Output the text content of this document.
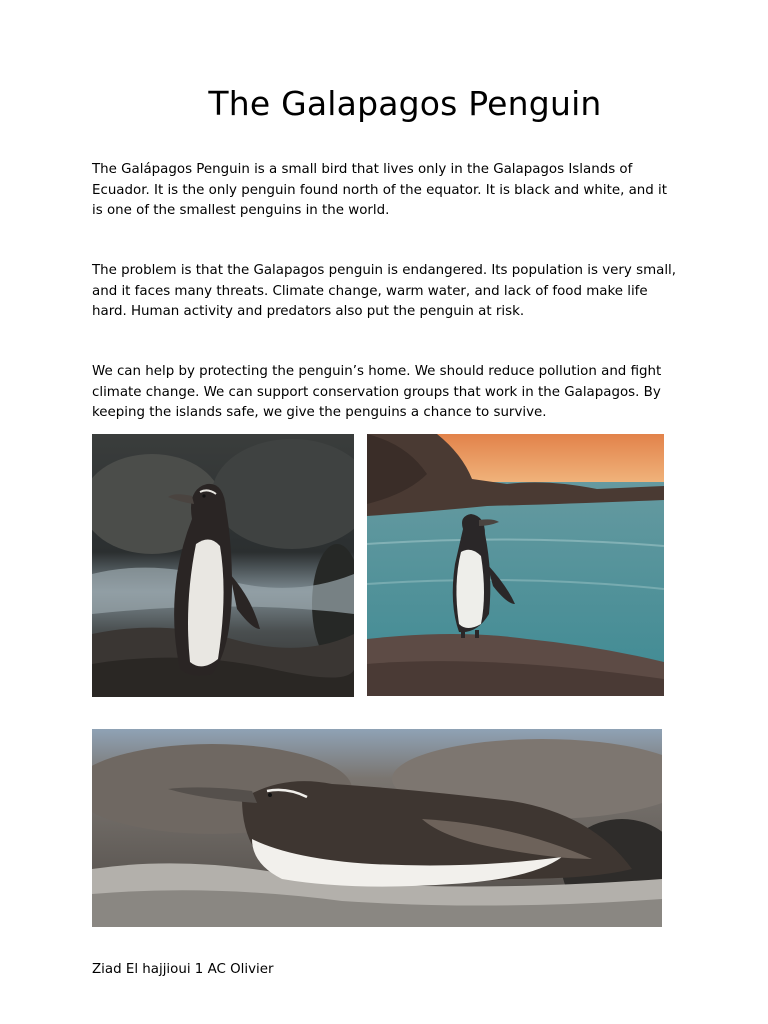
The Galapagos Penguin

The Galápagos Penguin is a small bird that lives only in the Galapagos Islands of Ecuador. It is the only penguin found north of the equator. It is black and white, and it is one of the smallest penguins in the world.

The problem is that the Galapagos penguin is endangered. Its population is very small, and it faces many threats. Climate change, warm water, and lack of food make life hard. Human activity and predators also put the penguin at risk.

We can help by protecting the penguin’s home. We should reduce pollution and fight climate change. We can support conservation groups that work in the Galapagos. By keeping the islands safe, we give the penguins a chance to survive.

Ziad El hajjioui 1 AC Olivier
